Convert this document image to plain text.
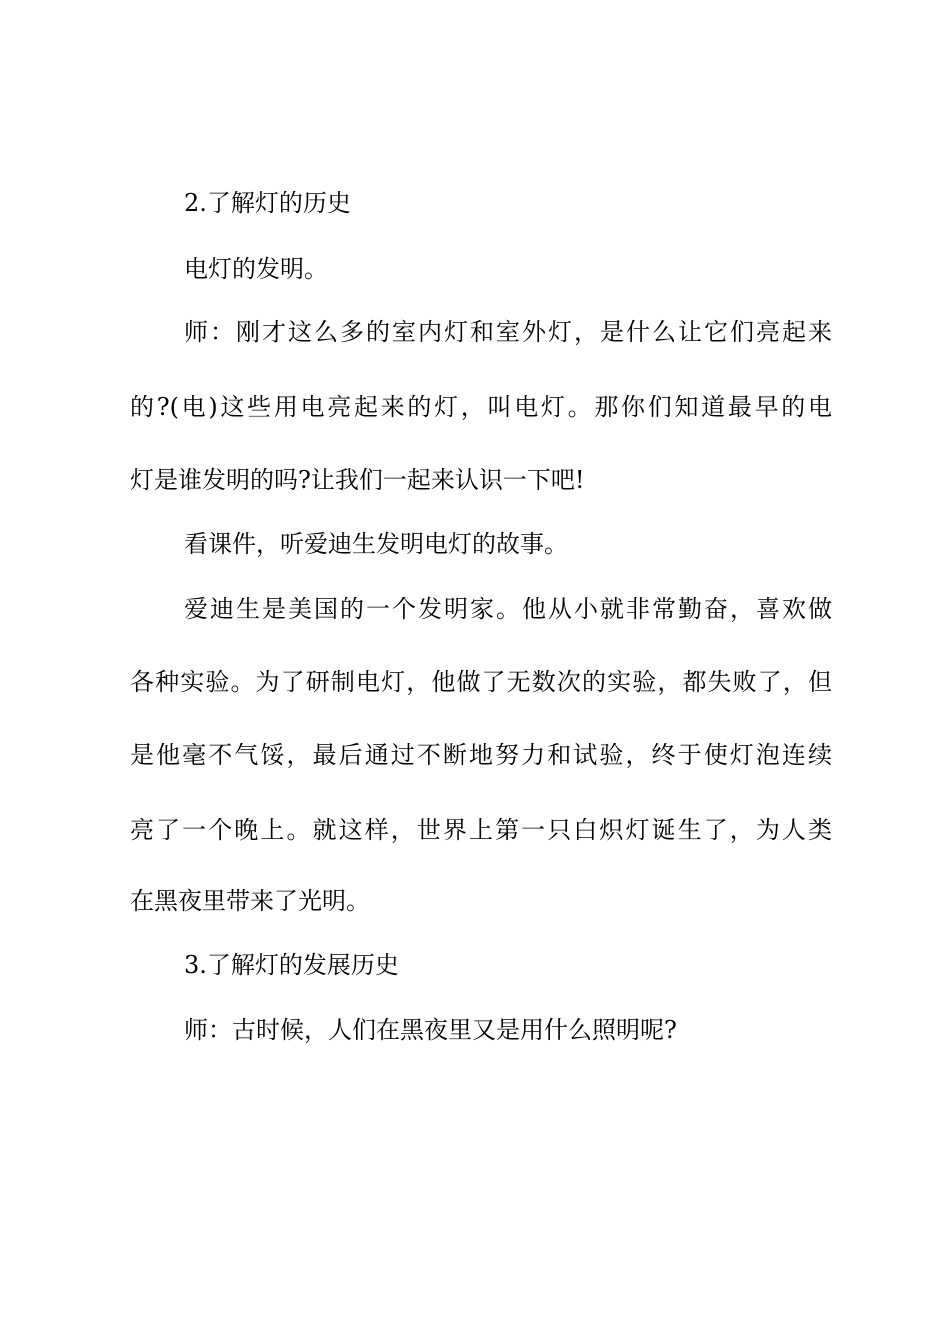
2.了解灯的历史
电灯的发明。
师：刚才这么多的室内灯和室外灯，是什么让它们亮起来
的?(电)这些用电亮起来的灯，叫电灯。那你们知道最早的电
灯是谁发明的吗?让我们一起来认识一下吧!
看课件，听爱迪生发明电灯的故事。
爱迪生是美国的一个发明家。他从小就非常勤奋，喜欢做
各种实验。为了研制电灯，他做了无数次的实验，都失败了，但
是他毫不气馁，最后通过不断地努力和试验，终于使灯泡连续
亮了一个晚上。就这样，世界上第一只白炽灯诞生了，为人类
在黑夜里带来了光明。
3.了解灯的发展历史
师：古时候，人们在黑夜里又是用什么照明呢?
